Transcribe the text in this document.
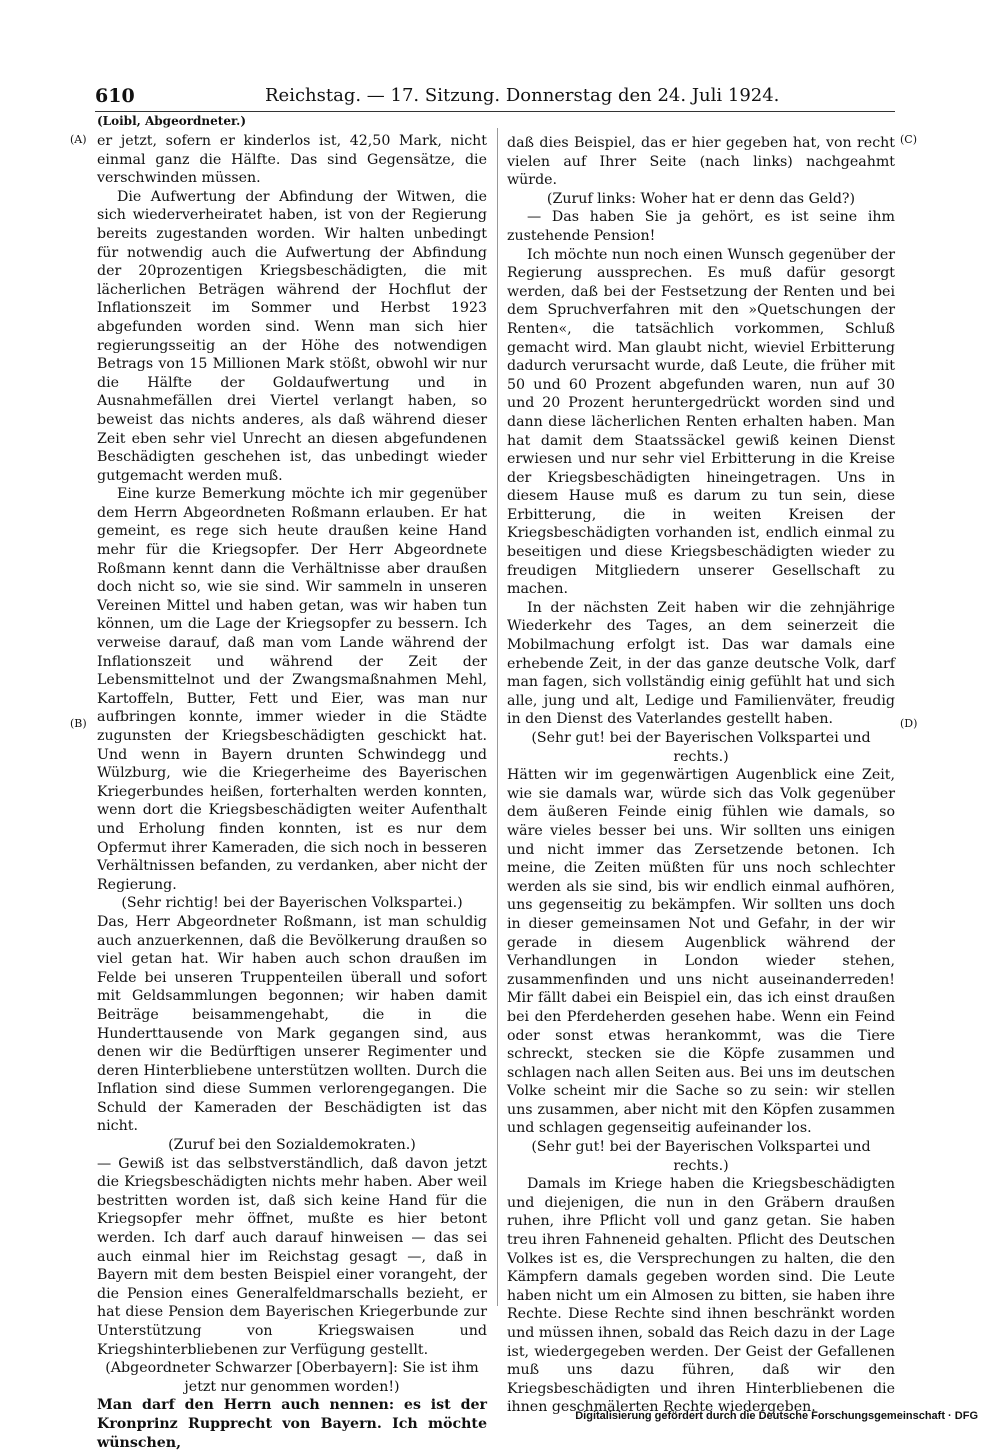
610	Reichstag. — 17. Sitzung. Donnerstag den 24. Juli 1924.
(Loibl, Abgeordneter.)
(A)
(B)
(C)
(D)

er jetzt, sofern er kinderlos ist, 42,50 Mark, nicht einmal ganz die Hälfte. Das sind Gegensätze, die verschwinden müssen.

Die Aufwertung der Abfindung der Witwen, die sich wiederverheiratet haben, ist von der Regierung bereits zugestanden worden. Wir halten unbedingt für notwendig auch die Aufwertung der Abfindung der 20prozentigen Kriegsbeschädigten, die mit lächerlichen Beträgen während der Hochflut der Inflationszeit im Sommer und Herbst 1923 abgefunden worden sind. Wenn man sich hier regierungsseitig an der Höhe des notwendigen Betrags von 15 Millionen Mark stößt, obwohl wir nur die Hälfte der Goldaufwertung und in Ausnahmefällen drei Viertel verlangt haben, so beweist das nichts anderes, als daß während dieser Zeit eben sehr viel Unrecht an diesen abgefundenen Beschädigten geschehen ist, das unbedingt wieder gutgemacht werden muß.

Eine kurze Bemerkung möchte ich mir gegenüber dem Herrn Abgeordneten Roßmann erlauben. Er hat gemeint, es rege sich heute draußen keine Hand mehr für die Kriegsopfer. Der Herr Abgeordnete Roßmann kennt dann die Verhältnisse aber draußen doch nicht so, wie sie sind. Wir sammeln in unseren Vereinen Mittel und haben getan, was wir haben tun können, um die Lage der Kriegsopfer zu bessern. Ich verweise darauf, daß man vom Lande während der Inflationszeit und während der Zeit der Lebensmittelnot und der Zwangsmaßnahmen Mehl, Kartoffeln, Butter, Fett und Eier, was man nur aufbringen konnte, immer wieder in die Städte zugunsten der Kriegsbeschädigten geschickt hat. Und wenn in Bayern drunten Schwindegg und Wülzburg, wie die Kriegerheime des Bayerischen Kriegerbundes heißen, forterhalten werden konnten, wenn dort die Kriegsbeschädigten weiter Aufenthalt und Erholung finden konnten, ist es nur dem Opfermut ihrer Kameraden, die sich noch in besseren Verhältnissen befanden, zu verdanken, aber nicht der Regierung.

(Sehr richtig! bei der Bayerischen Volkspartei.)

Das, Herr Abgeordneter Roßmann, ist man schuldig auch anzuerkennen, daß die Bevölkerung draußen so viel getan hat. Wir haben auch schon draußen im Felde bei unseren Truppenteilen überall und sofort mit Geldsammlungen begonnen; wir haben damit Beiträge beisammengehabt, die in die Hunderttausende von Mark gegangen sind, aus denen wir die Bedürftigen unserer Regimenter und deren Hinterbliebene unterstützen wollten. Durch die Inflation sind diese Summen verlorengegangen. Die Schuld der Kameraden der Beschädigten ist das nicht.

(Zuruf bei den Sozialdemokraten.)

— Gewiß ist das selbstverständlich, daß davon jetzt die Kriegsbeschädigten nichts mehr haben. Aber weil bestritten worden ist, daß sich keine Hand für die Kriegsopfer mehr öffnet, mußte es hier betont werden. Ich darf auch darauf hinweisen — das sei auch einmal hier im Reichstag gesagt —, daß in Bayern mit dem besten Beispiel einer vorangeht, der die Pension eines Generalfeldmarschalls bezieht, er hat diese Pension dem Bayerischen Kriegerbunde zur Unterstützung von Kriegswaisen und Kriegshinterbliebenen zur Verfügung gestellt.

(Abgeordneter Schwarzer [Oberbayern]: Sie ist ihm jetzt nur genommen worden!)

Man darf den Herrn auch nennen: es ist der Kronprinz Rupprecht von Bayern. Ich möchte wünschen,

daß dies Beispiel, das er hier gegeben hat, von recht vielen auf Ihrer Seite (nach links) nachgeahmt würde.

(Zuruf links: Woher hat er denn das Geld?)

— Das haben Sie ja gehört, es ist seine ihm zustehende Pension!

Ich möchte nun noch einen Wunsch gegenüber der Regierung aussprechen. Es muß dafür gesorgt werden, daß bei der Festsetzung der Renten und bei dem Spruchverfahren mit den »Quetschungen der Renten«, die tatsächlich vorkommen, Schluß gemacht wird. Man glaubt nicht, wieviel Erbitterung dadurch verursacht wurde, daß Leute, die früher mit 50 und 60 Prozent abgefunden waren, nun auf 30 und 20 Prozent heruntergedrückt worden sind und dann diese lächerlichen Renten erhalten haben. Man hat damit dem Staatssäckel gewiß keinen Dienst erwiesen und nur sehr viel Erbitterung in die Kreise der Kriegsbeschädigten hineingetragen. Uns in diesem Hause muß es darum zu tun sein, diese Erbitterung, die in weiten Kreisen der Kriegsbeschädigten vorhanden ist, endlich einmal zu beseitigen und diese Kriegsbeschädigten wieder zu freudigen Mitgliedern unserer Gesellschaft zu machen.

In der nächsten Zeit haben wir die zehnjährige Wiederkehr des Tages, an dem seinerzeit die Mobilmachung erfolgt ist. Das war damals eine erhebende Zeit, in der das ganze deutsche Volk, darf man fagen, sich vollständig einig gefühlt hat und sich alle, jung und alt, Ledige und Familienväter, freudig in den Dienst des Vaterlandes gestellt haben.

(Sehr gut! bei der Bayerischen Volkspartei und rechts.)

Hätten wir im gegenwärtigen Augenblick eine Zeit, wie sie damals war, würde sich das Volk gegenüber dem äußeren Feinde einig fühlen wie damals, so wäre vieles besser bei uns. Wir sollten uns einigen und nicht immer das Zersetzende betonen. Ich meine, die Zeiten müßten für uns noch schlechter werden als sie sind, bis wir endlich einmal aufhören, uns gegenseitig zu bekämpfen. Wir sollten uns doch in dieser gemeinsamen Not und Gefahr, in der wir gerade in diesem Augenblick während der Verhandlungen in London wieder stehen, zusammenfinden und uns nicht auseinanderreden! Mir fällt dabei ein Beispiel ein, das ich einst draußen bei den Pferdeherden gesehen habe. Wenn ein Feind oder sonst etwas herankommt, was die Tiere schreckt, stecken sie die Köpfe zusammen und schlagen nach allen Seiten aus. Bei uns im deutschen Volke scheint mir die Sache so zu sein: wir stellen uns zusammen, aber nicht mit den Köpfen zusammen und schlagen gegenseitig aufeinander los.

(Sehr gut! bei der Bayerischen Volkspartei und rechts.)

Damals im Kriege haben die Kriegsbeschädigten und diejenigen, die nun in den Gräbern draußen ruhen, ihre Pflicht voll und ganz getan. Sie haben treu ihren Fahneneid gehalten. Pflicht des Deutschen Volkes ist es, die Versprechungen zu halten, die den Kämpfern damals gegeben worden sind. Die Leute haben nicht um ein Almosen zu bitten, sie haben ihre Rechte. Diese Rechte sind ihnen beschränkt worden und müssen ihnen, sobald das Reich dazu in der Lage ist, wiedergegeben werden. Der Geist der Gefallenen muß uns dazu führen, daß wir den Kriegsbeschädigten und ihren Hinterbliebenen die ihnen geschmälerten Rechte wiedergeben.

Digitalisierung gefördert durch die Deutsche Forschungsgemeinschaft · DFG
